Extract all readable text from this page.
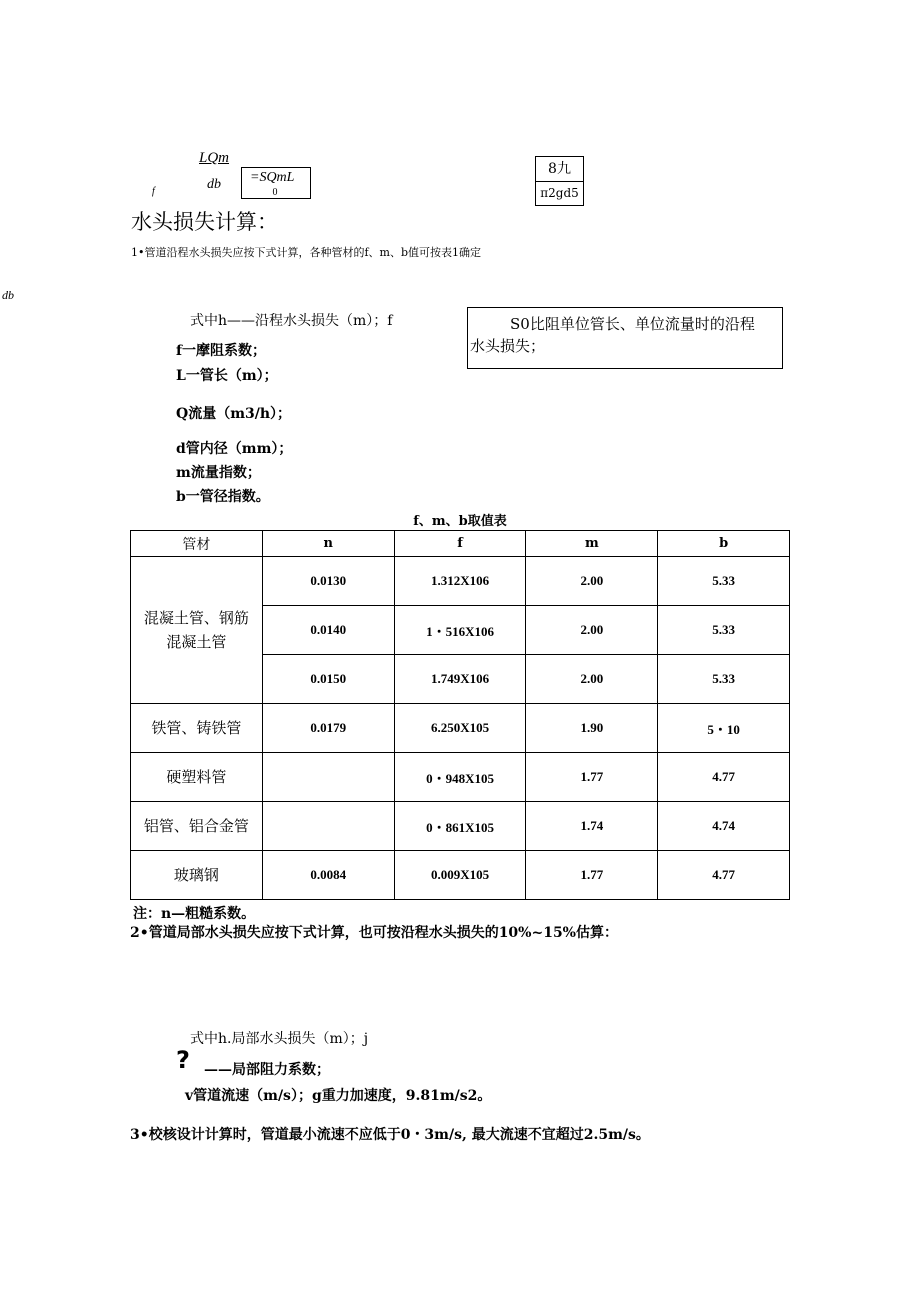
LQm
db
f
=SQmL
0
8九
π2gd5
水头损失计算：
1•管道沿程水头损失应按下式计算，各种管材的f、m、b值可按表1确定
db
式中h——沿程水头损失（m）；f
f一摩阻系数；
L一管长（m）；
Q流量（m3/h）；
d管内径（mm）；
m流量指数；
b一管径指数。
S0比阻单位管长、单位流量时的沿程
水头损失；
f、m、b取值表
管材	n	f	m	b
混凝土管、钢筋混凝土管	0.0130	1.312X106	2.00	5.33
	0.0140	1・516X106	2.00	5.33
	0.0150	1.749X106	2.00	5.33
铁管、铸铁管	0.0179	6.250X105	1.90	5・10
硬塑料管		0・948X105	1.77	4.77
铝管、铝合金管		0・861X105	1.74	4.74
玻璃钢	0.0084	0.009X105	1.77	4.77
注：n—粗糙系数。
2•管道局部水头损失应按下式计算，也可按沿程水头损失的10%~15%估算：
式中h.局部水头损失（m）；j
? ——局部阻力系数；
v管道流速（m/s）；g重力加速度，9.81m/s2。
3•校核设计计算时，管道最小流速不应低于0・3m/s, 最大流速不宜超过2.5m/s。
